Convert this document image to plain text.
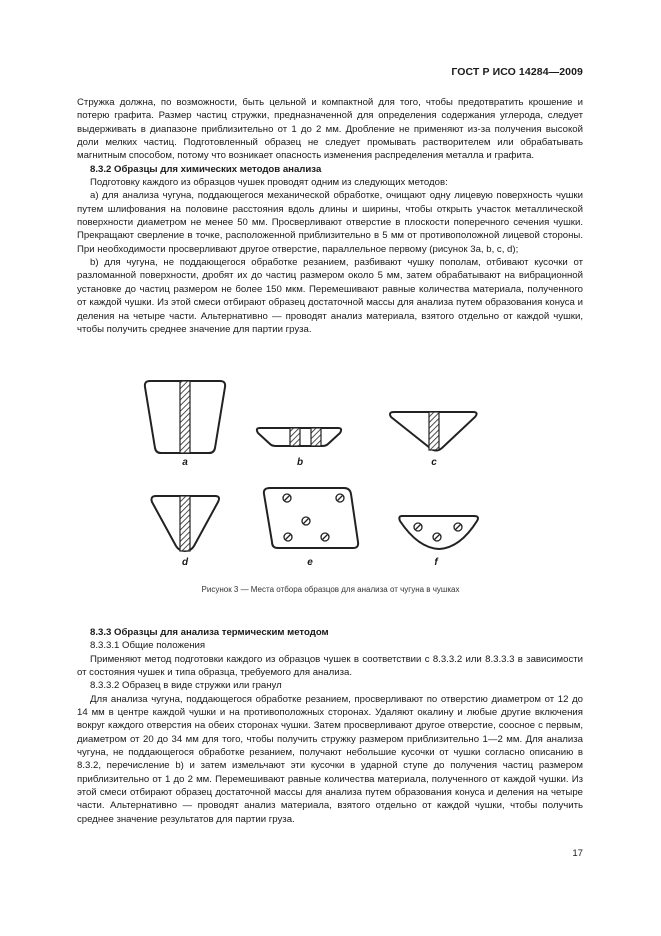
ГОСТ Р ИСО 14284—2009

Стружка должна, по возможности, быть цельной и компактной для того, чтобы предотвратить крошение и потерю графита. Размер частиц стружки, предназначенной для определения содержания углерода, следует выдерживать в диапазоне приблизительно от 1 до 2 мм. Дробление не применяют из-за получения высокой доли мелких частиц. Подготовленный образец не следует промывать растворителем или обрабатывать магнитным способом, потому что возникает опасность изменения распределения металла и графита.

8.3.2 Образцы для химических методов анализа

Подготовку каждого из образцов чушек проводят одним из следующих методов:

a) для анализа чугуна, поддающегося механической обработке, очищают одну лицевую поверхность чушки путем шлифования на половине расстояния вдоль длины и ширины, чтобы открыть участок металлической поверхности диаметром не менее 50 мм. Просверливают отверстие в плоскости поперечного сечения чушки. Прекращают сверление в точке, расположенной приблизительно в 5 мм от противоположной лицевой стороны. При необходимости просверливают другое отверстие, параллельное первому (рисунок 3а, b, c, d);

b) для чугуна, не поддающегося обработке резанием, разбивают чушку пополам, отбивают кусочки от разломанной поверхности, дробят их до частиц размером около 5 мм, затем обрабатывают на вибрационной установке до частиц размером не более 150 мкм. Перемешивают равные количества материала, полученного от каждой чушки. Из этой смеси отбирают образец достаточной массы для анализа путем образования конуса и деления на четыре части. Альтернативно — проводят анализ материала, взятого отдельно от каждой чушки, чтобы получить среднее значение для партии груза.

a	b	c
d	e	f
Рисунок 3 — Места отбора образцов для анализа от чугуна в чушках

8.3.3 Образцы для анализа термическим методом

8.3.3.1 Общие положения

Применяют метод подготовки каждого из образцов чушек в соответствии с 8.3.3.2 или 8.3.3.3 в зависимости от состояния чушек и типа образца, требуемого для анализа.

8.3.3.2 Образец в виде стружки или гранул

Для анализа чугуна, поддающегося обработке резанием, просверливают по отверстию диаметром от 12 до 14 мм в центре каждой чушки и на противоположных сторонах. Удаляют окалину и любые другие включения вокруг каждого отверстия на обеих сторонах чушки. Затем просверливают другое отверстие, соосное с первым, диаметром от 20 до 34 мм для того, чтобы получить стружку размером приблизительно 1—2 мм. Для анализа чугуна, не поддающегося обработке резанием, получают небольшие кусочки от чушки согласно описанию в 8.3.2, перечисление b) и затем измельчают эти кусочки в ударной ступе до получения частиц размером приблизительно от 1 до 2 мм. Перемешивают равные количества материала, полученного от каждой чушки. Из этой смеси отбирают образец достаточной массы для анализа путем образования конуса и деления на четыре части. Альтернативно — проводят анализ материала, взятого отдельно от каждой чушки, чтобы получить среднее значение результатов для партии груза.

17
